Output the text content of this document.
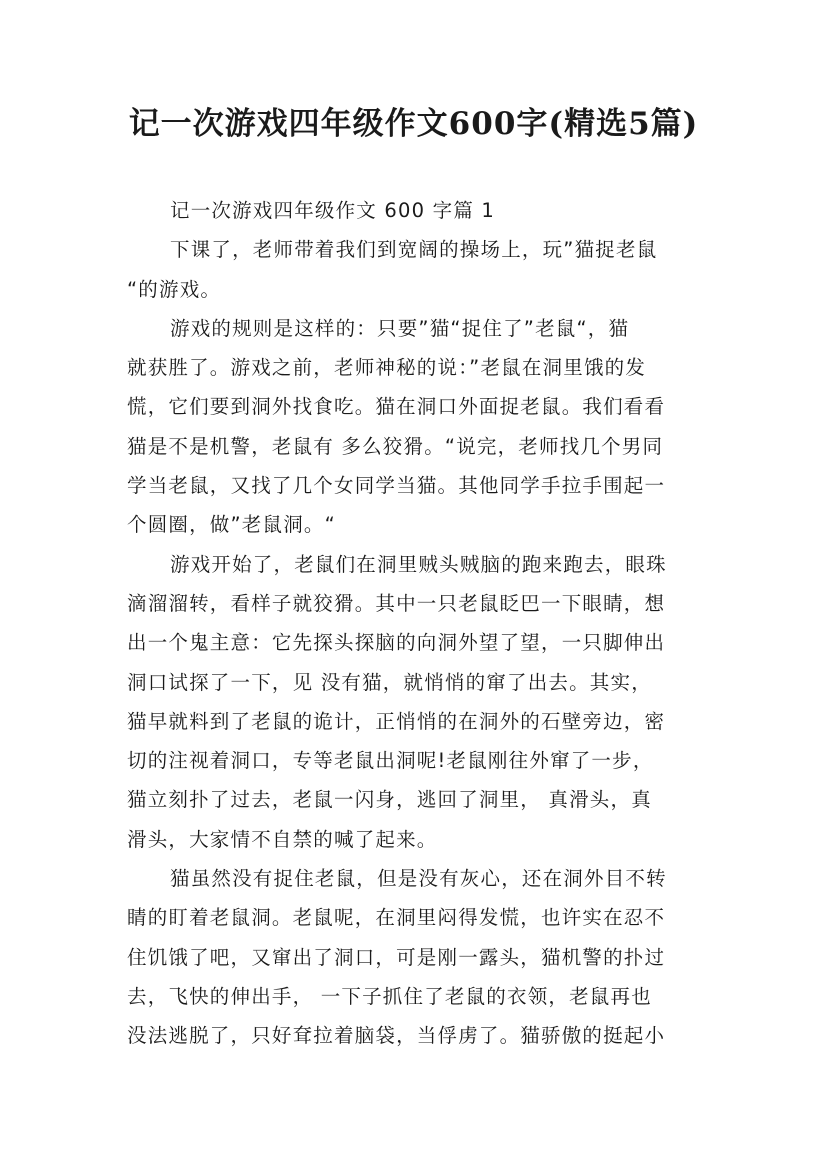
记一次游戏四年级作文600字(精选5篇)
记一次游戏四年级作文 600 字篇 1
下课了，老师带着我们到宽阔的操场上，玩”猫捉老鼠
“的游戏。
游戏的规则是这样的：只要”猫“捉住了”老鼠“，猫
就获胜了。游戏之前，老师神秘的说：”老鼠在洞里饿的发
慌，它们要到洞外找食吃。猫在洞口外面捉老鼠。我们看看
猫是不是机警，老鼠有 多么狡猾。“说完，老师找几个男同
学当老鼠，又找了几个女同学当猫。其他同学手拉手围起一
个圆圈，做”老鼠洞。“
游戏开始了，老鼠们在洞里贼头贼脑的跑来跑去，眼珠
滴溜溜转，看样子就狡猾。其中一只老鼠眨巴一下眼睛，想
出一个鬼主意：它先探头探脑的向洞外望了望，一只脚伸出
洞口试探了一下，见 没有猫，就悄悄的窜了出去。其实，
猫早就料到了老鼠的诡计，正悄悄的在洞外的石壁旁边，密
切的注视着洞口，专等老鼠出洞呢!老鼠刚往外窜了一步，
猫立刻扑了过去，老鼠一闪身，逃回了洞里， 真滑头，真
滑头，大家情不自禁的喊了起来。
猫虽然没有捉住老鼠，但是没有灰心，还在洞外目不转
睛的盯着老鼠洞。老鼠呢，在洞里闷得发慌，也许实在忍不
住饥饿了吧，又窜出了洞口，可是刚一露头，猫机警的扑过
去，飞快的伸出手， 一下子抓住了老鼠的衣领，老鼠再也
没法逃脱了，只好耷拉着脑袋，当俘虏了。猫骄傲的挺起小
